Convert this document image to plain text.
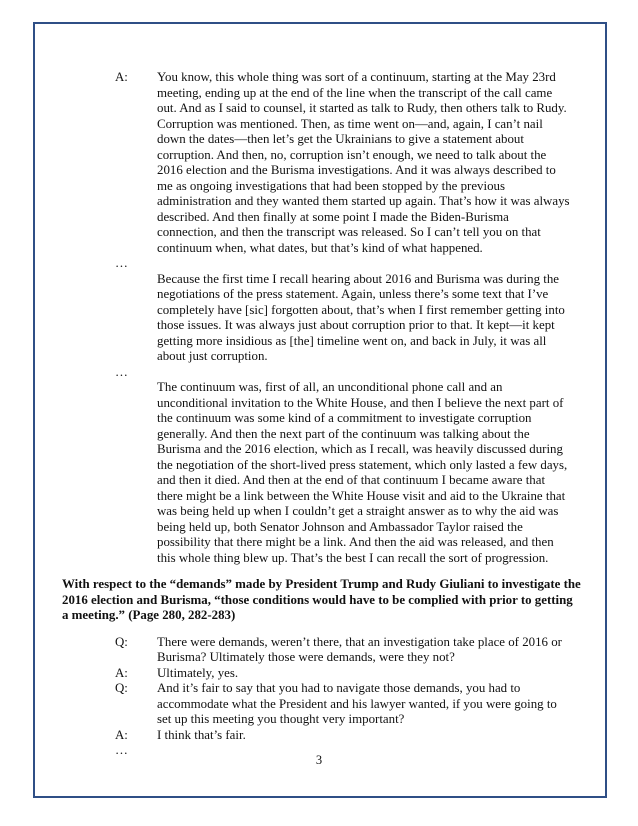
A:	You know, this whole thing was sort of a continuum, starting at the May 23rd meeting, ending up at the end of the line when the transcript of the call came out. And as I said to counsel, it started as talk to Rudy, then others talk to Rudy. Corruption was mentioned. Then, as time went on—and, again, I can’t nail down the dates—then let’s get the Ukrainians to give a statement about corruption. And then, no, corruption isn’t enough, we need to talk about the 2016 election and the Burisma investigations. And it was always described to me as ongoing investigations that had been stopped by the previous administration and they wanted them started up again. That’s how it was always described. And then finally at some point I made the Biden-Burisma connection, and then the transcript was released. So I can’t tell you on that continuum when, what dates, but that’s kind of what happened.
…
Because the first time I recall hearing about 2016 and Burisma was during the negotiations of the press statement. Again, unless there’s some text that I’ve completely have [sic] forgotten about, that’s when I first remember getting into those issues. It was always just about corruption prior to that. It kept—it kept getting more insidious as [the] timeline went on, and back in July, it was all about just corruption.
…
The continuum was, first of all, an unconditional phone call and an unconditional invitation to the White House, and then I believe the next part of the continuum was some kind of a commitment to investigate corruption generally. And then the next part of the continuum was talking about the Burisma and the 2016 election, which as I recall, was heavily discussed during the negotiation of the short-lived press statement, which only lasted a few days, and then it died. And then at the end of that continuum I became aware that there might be a link between the White House visit and aid to the Ukraine that was being held up when I couldn’t get a straight answer as to why the aid was being held up, both Senator Johnson and Ambassador Taylor raised the possibility that there might be a link. And then the aid was released, and then this whole thing blew up. That’s the best I can recall the sort of progression.
With respect to the “demands” made by President Trump and Rudy Giuliani to investigate the 2016 election and Burisma, “those conditions would have to be complied with prior to getting a meeting.” (Page 280, 282-283)
Q:	There were demands, weren’t there, that an investigation take place of 2016 or Burisma? Ultimately those were demands, were they not?
A:	Ultimately, yes.
Q:	And it’s fair to say that you had to navigate those demands, you had to accommodate what the President and his lawyer wanted, if you were going to set up this meeting you thought very important?
A:	I think that’s fair.
…
3
